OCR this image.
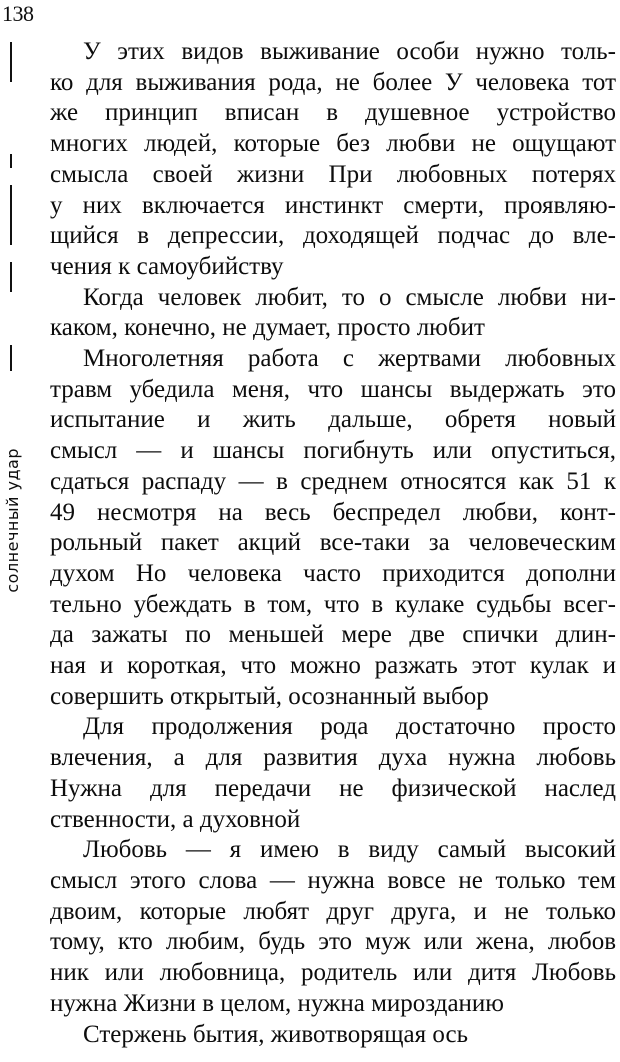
138
солнечный удар

У этих видов выживание особи нужно толь-
ко для выживания рода, не более У человека тот
же принцип вписан в душевное устройство
многих людей, которые без любви не ощущают
смысла своей жизни При любовных потерях
у них включается инстинкт смерти, проявляю-
щийся в депрессии, доходящей подчас до вле-
чения к самоубийству

Когда человек любит, то о смысле любви ни-
каком, конечно, не думает, просто любит

Многолетняя работа с жертвами любовных
травм убедила меня, что шансы выдержать это
испытание и жить дальше, обретя новый
смысл — и шансы погибнуть или опуститься,
сдаться распаду — в среднем относятся как 51 к
49 несмотря на весь беспредел любви, конт-
рольный пакет акций все-таки за человеческим
духом Но человека часто приходится дополни
тельно убеждать в том, что в кулаке судьбы всег-
да зажаты по меньшей мере две спички длин-
ная и короткая, что можно разжать этот кулак и
совершить открытый, осознанный выбор

Для продолжения рода достаточно просто
влечения, а для развития духа нужна любовь
Нужна для передачи не физической наслед
ственности, а духовной

Любовь — я имею в виду самый высокий
смысл этого слова — нужна вовсе не только тем
двоим, которые любят друг друга, и не только
тому, кто любим, будь это муж или жена, любов
ник или любовница, родитель или дитя Любовь
нужна Жизни в целом, нужна мирозданию

Стержень бытия, животворящая ось
